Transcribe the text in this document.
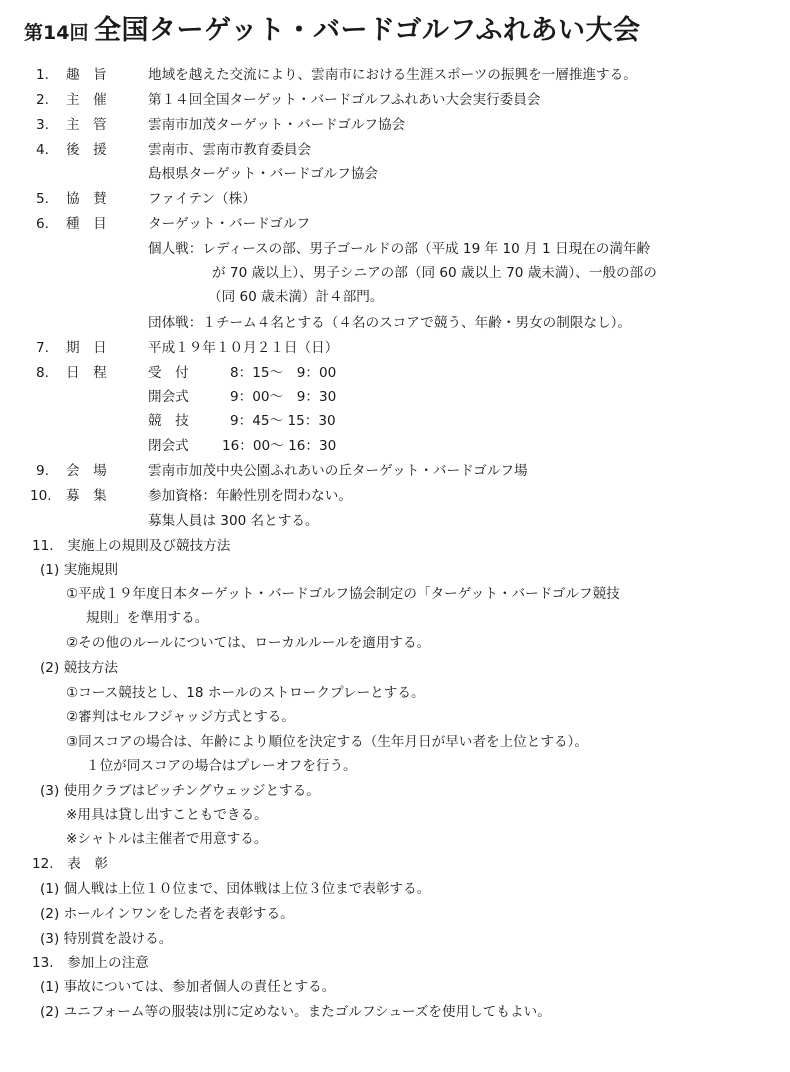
第14回 全国ターゲット・バードゴルフふれあい大会
1. 趣　旨	地域を越えた交流により、雲南市における生涯スポーツの振興を一層推進する。
2. 主　催	第１４回全国ターゲット・バードゴルフふれあい大会実行委員会
3. 主　管	雲南市加茂ターゲット・バードゴルフ協会
4. 後　援	雲南市、雲南市教育委員会
島根県ターゲット・バードゴルフ協会
5. 協　賛	ファイテン（株）
6. 種　目	ターゲット・バードゴルフ
個人戦：レディースの部、男子ゴールドの部（平成 19 年 10 月 1 日現在の満年齢
が 70 歳以上）、男子シニアの部（同 60 歳以上 70 歳未満）、一般の部の
（同 60 歳未満）計４部門。
団体戦：１チーム４名とする（４名のスコアで競う、年齢・男女の制限なし）。
7. 期　日	平成１９年１０月２１日（日）
8. 日　程	受　付	8：15～　9：00
開会式	9：00～　9：30
競　技	9：45～ 15：30
閉会式 16：00～ 16：30
9. 会　場	雲南市加茂中央公園ふれあいの丘ターゲット・バードゴルフ場
10. 募　集	参加資格：年齢性別を問わない。
募集人員は 300 名とする。
11.　実施上の規則及び競技方法
(1) 実施規則
①平成１９年度日本ターゲット・バードゴルフ協会制定の「ターゲット・バードゴルフ競技
規則」を準用する。
②その他のルールについては、ローカルルールを適用する。
(2) 競技方法
①コース競技とし、18 ホールのストロークプレーとする。
②審判はセルフジャッジ方式とする。
③同スコアの場合は、年齢により順位を決定する（生年月日が早い者を上位とする）。
１位が同スコアの場合はプレーオフを行う。
(3) 使用クラブはピッチングウェッジとする。
※用具は貸し出すこともできる。
※シャトルは主催者で用意する。
12.　表　彰
(1) 個人戦は上位１０位まで、団体戦は上位３位まで表彰する。
(2) ホールインワンをした者を表彰する。
(3) 特別賞を設ける。
13.　参加上の注意
(1) 事故については、参加者個人の責任とする。
(2) ユニフォーム等の服装は別に定めない。またゴルフシューズを使用してもよい。
